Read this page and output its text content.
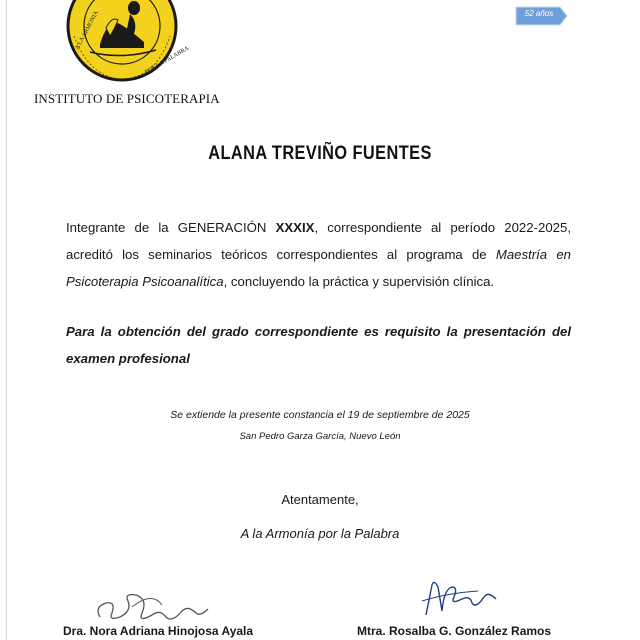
A LA ARMONIA
POR LA PALABRA
INSTITUTO DE PSICOTERAPIA
52 años
ALANA TREVIÑO FUENTES
Integrante de la GENERACIÓN XXXIX, correspondiente al período 2022-2025, acreditó los seminarios teóricos correspondientes al programa de Maestría en Psicoterapia Psicoanalítica, concluyendo la práctica y supervisión clínica.
Para la obtención del grado correspondiente es requisito la presentación del examen profesional
Se extiende la presente constancia el 19 de septiembre de 2025
San Pedro Garza García, Nuevo León
Atentamente,
A la Armonía por la Palabra
Dra. Nora Adriana Hinojosa Ayala	Mtra. Rosalba G. González Ramos
